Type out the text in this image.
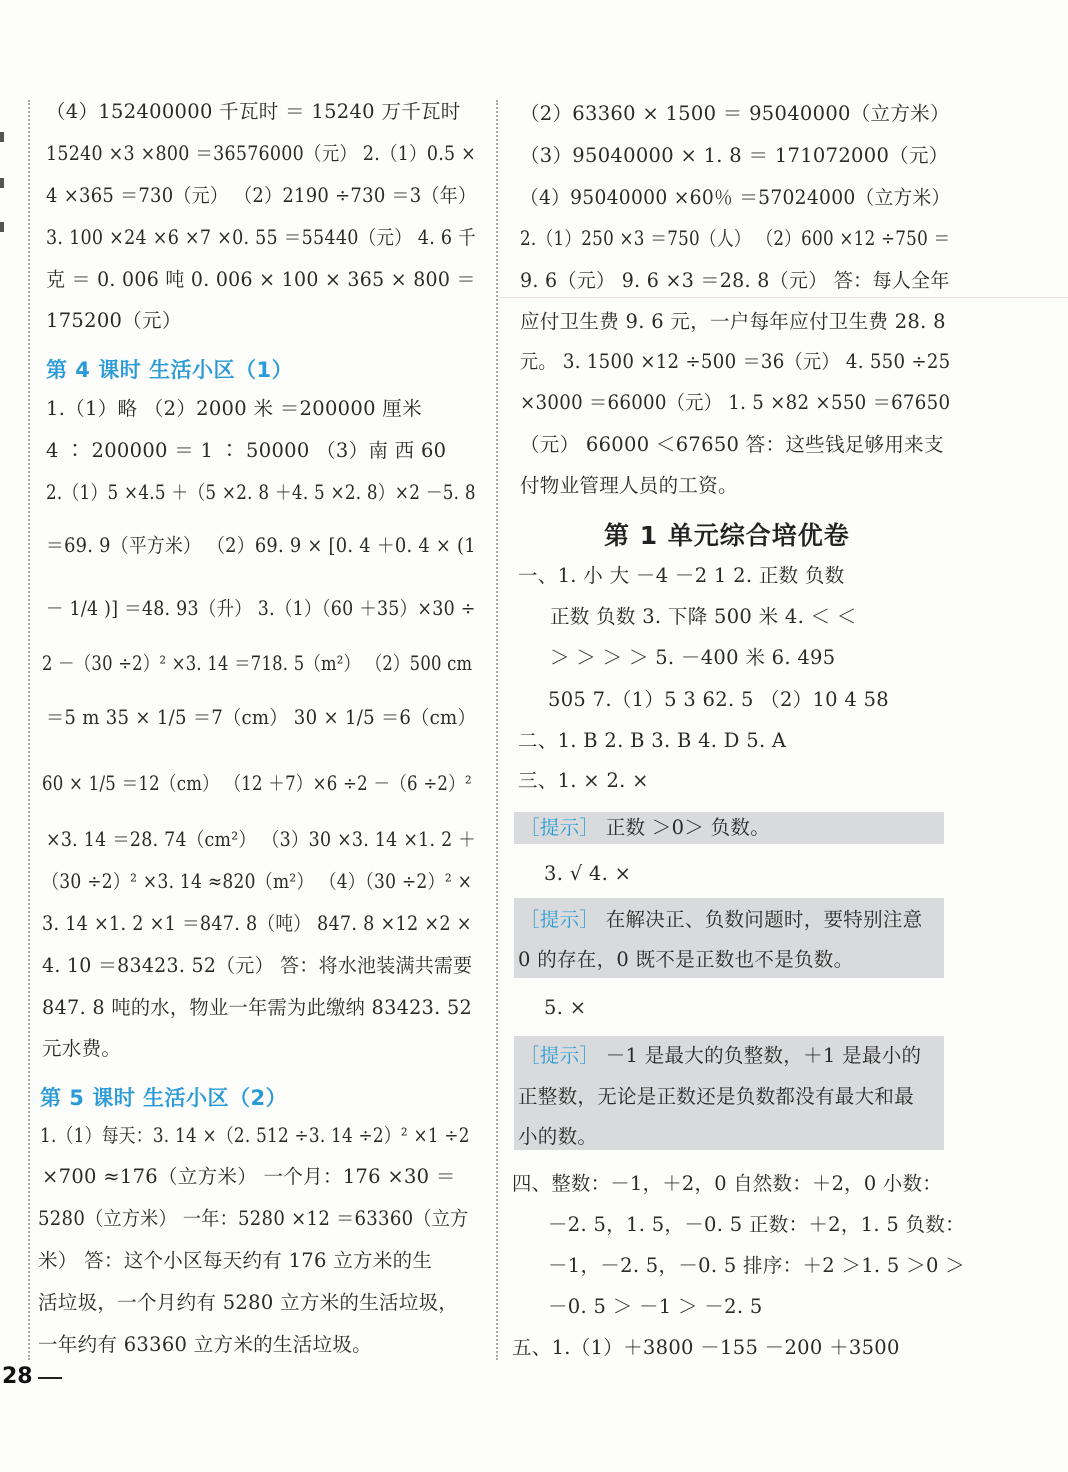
（4）152400000 千瓦时 ＝ 15240 万千瓦时
15240 ×3 ×800 ＝36576000（元） 2.（1）0.5 ×
4 ×365 ＝730（元） （2）2190 ÷730 ＝3（年）
3. 100 ×24 ×6 ×7 ×0. 55 ＝55440（元） 4. 6 千
克 ＝ 0. 006 吨 0. 006 × 100 × 365 × 800 ＝
175200（元）
第 4 课时 生活小区（1）
1.（1）略 （2）2000 米 ＝200000 厘米
4 ∶ 200000 ＝ 1 ∶ 50000 （3）南 西 60
2.（1）5 ×4.5 ＋（5 ×2. 8 ＋4. 5 ×2. 8）×2 －5. 8
＝69. 9（平方米） （2）69. 9 × [0. 4 ＋0. 4 × (1
－ 1/4 )] ＝48. 93（升） 3.（1）（60 ＋35）×30 ÷
2 －（30 ÷2）² ×3. 14 ＝718. 5（m²） （2）500 cm
＝5 m 35 × 1/5 ＝7（cm） 30 × 1/5 ＝6（cm）
60 × 1/5 ＝12（cm） （12 ＋7）×6 ÷2 －（6 ÷2）²
×3. 14 ＝28. 74（cm²） （3）30 ×3. 14 ×1. 2 ＋
（30 ÷2）² ×3. 14 ≈820（m²） （4）（30 ÷2）² ×
3. 14 ×1. 2 ×1 ＝847. 8（吨） 847. 8 ×12 ×2 ×
4. 10 ＝83423. 52（元） 答：将水池装满共需要
847. 8 吨的水，物业一年需为此缴纳 83423. 52
元水费。
第 5 课时 生活小区（2）
1.（1）每天：3. 14 ×（2. 512 ÷3. 14 ÷2）² ×1 ÷2
×700 ≈176（立方米） 一个月：176 ×30 ＝
5280（立方米） 一年：5280 ×12 ＝63360（立方
米） 答：这个小区每天约有 176 立方米的生
活垃圾，一个月约有 5280 立方米的生活垃圾，
一年约有 63360 立方米的生活垃圾。
（2）63360 × 1500 ＝ 95040000（立方米）
（3）95040000 × 1. 8 ＝ 171072000（元）
（4）95040000 ×60％ ＝57024000（立方米）
2.（1）250 ×3 ＝750（人） （2）600 ×12 ÷750 ＝
9. 6（元） 9. 6 ×3 ＝28. 8（元） 答：每人全年
应付卫生费 9. 6 元，一户每年应付卫生费 28. 8
元。 3. 1500 ×12 ÷500 ＝36（元） 4. 550 ÷25
×3000 ＝66000（元） 1. 5 ×82 ×550 ＝67650
（元） 66000 ＜67650 答：这些钱足够用来支
付物业管理人员的工资。
第 1 单元综合培优卷
一、1. 小 大 －4 －2 1 2. 正数 负数
正数 负数 3. 下降 500 米 4. ＜ ＜
＞ ＞ ＞ ＞ 5. －400 米 6. 495
505 7.（1）5 3 62. 5 （2）10 4 58
二、1. B 2. B 3. B 4. D 5. A
三、1. × 2. ×
［提示］ 正数 ＞0＞ 负数。
3. √ 4. ×
［提示］ 在解决正、负数问题时，要特别注意
0 的存在，0 既不是正数也不是负数。
5. ×
［提示］ －1 是最大的负整数，＋1 是最小的
正整数，无论是正数还是负数都没有最大和最
小的数。
四、整数：－1，＋2，0 自然数：＋2，0 小数：
－2. 5，1. 5，－0. 5 正数：＋2，1. 5 负数：
－1，－2. 5，－0. 5 排序：＋2 ＞1. 5 ＞0 ＞
－0. 5 ＞ －1 ＞ －2. 5
五、1.（1）＋3800 －155 －200 ＋3500
28
